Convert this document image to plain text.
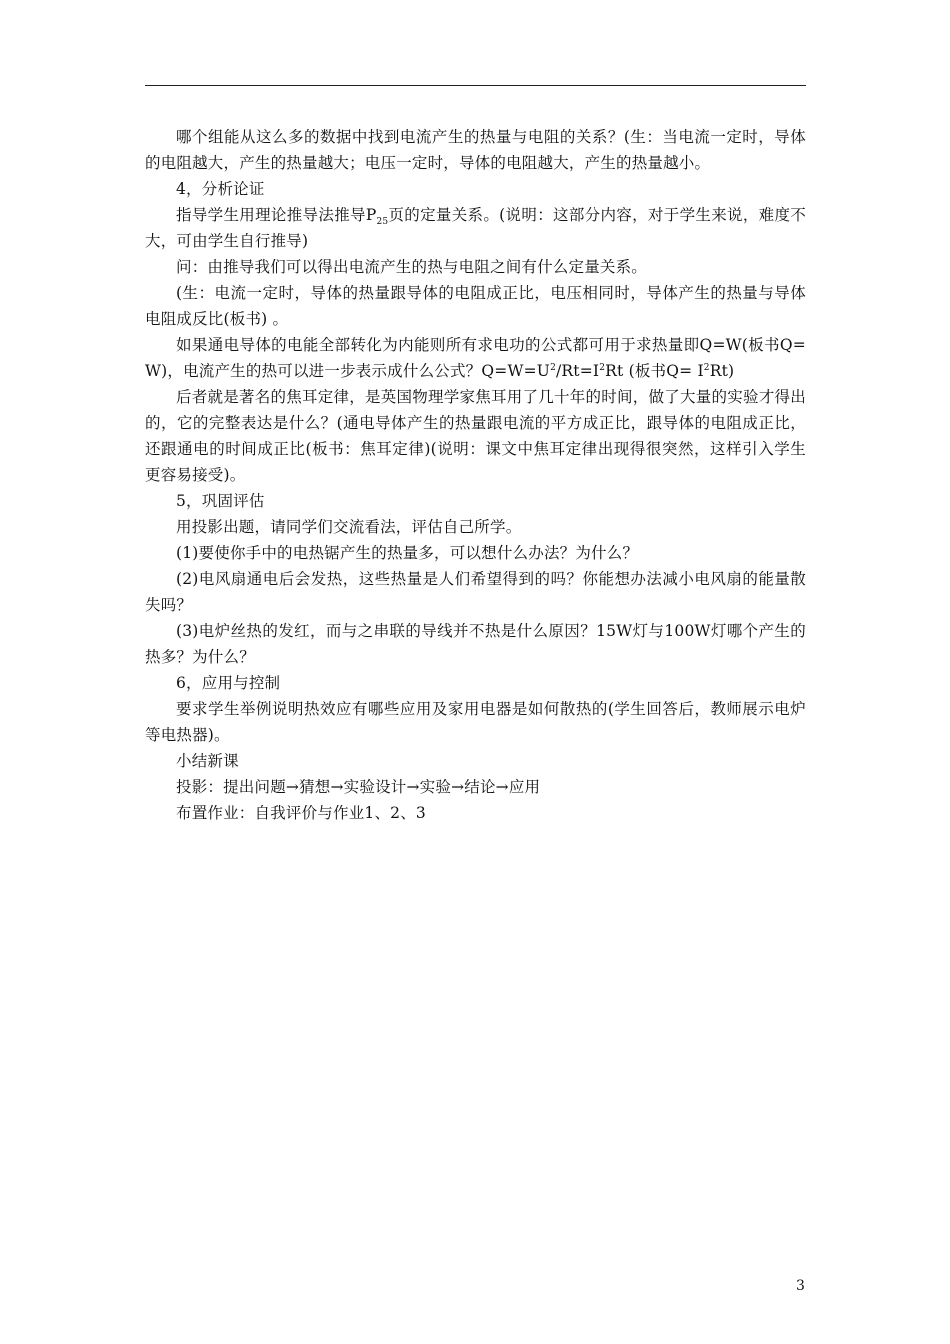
哪个组能从这么多的数据中找到电流产生的热量与电阻的关系？(生：当电流一定时，导体的电阻越大，产生的热量越大；电压一定时，导体的电阻越大，产生的热量越小。

4，分析论证

指导学生用理论推导法推导$P_{25}$页的定量关系。(说明：这部分内容，对于学生来说，难度不大，可由学生自行推导)

问：由推导我们可以得出电流产生的热与电阻之间有什么定量关系。

(生：电流一定时，导体的热量跟导体的电阻成正比，电压相同时，导体产生的热量与导体电阻成反比(板书) 。

如果通电导体的电能全部转化为内能则所有求电功的公式都可用于求热量即Q=W(板书Q=W)，电流产生的热可以进一步表示成什么公式？$Q=W=U^2/Rt=I^2Rt$ (板书$Q= I^2Rt$)

后者就是著名的焦耳定律，是英国物理学家焦耳用了几十年的时间，做了大量的实验才得出的，它的完整表达是什么？(通电导体产生的热量跟电流的平方成正比，跟导体的电阻成正比，还跟通电的时间成正比(板书：焦耳定律)(说明：课文中焦耳定律出现得很突然，这样引入学生更容易接受)。

5，巩固评估

用投影出题，请同学们交流看法，评估自己所学。

(1)要使你手中的电热锯产生的热量多，可以想什么办法？为什么？

(2)电风扇通电后会发热，这些热量是人们希望得到的吗？你能想办法减小电风扇的能量散失吗？

(3)电炉丝热的发红，而与之串联的导线并不热是什么原因？15W灯与100W灯哪个产生的热多？为什么？

6，应用与控制

要求学生举例说明热效应有哪些应用及家用电器是如何散热的(学生回答后，教师展示电炉等电热器)。

小结新课

投影：提出问题→猜想→实验设计→实验→结论→应用

布置作业：自我评价与作业1、2、3

3
